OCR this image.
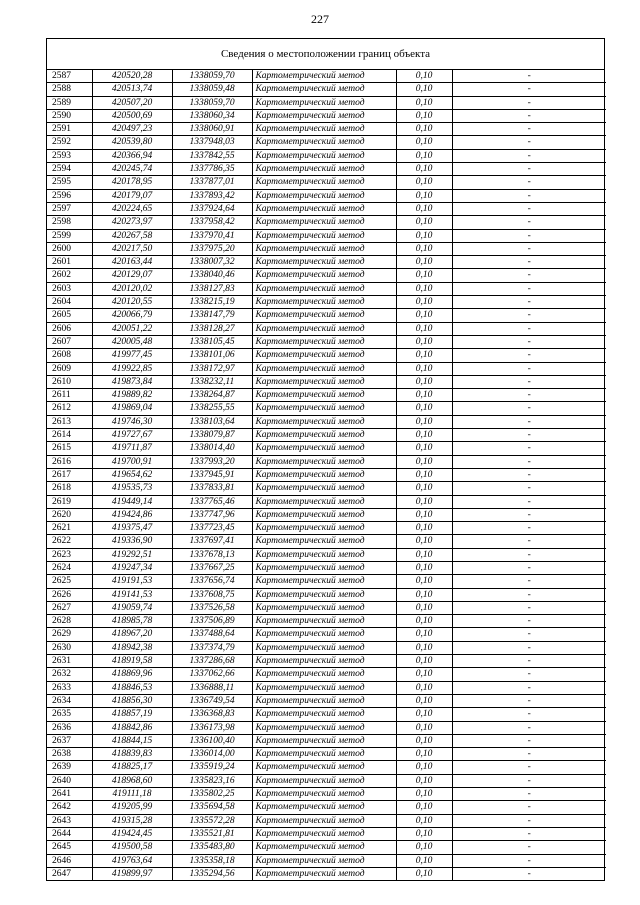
227
Сведения о местоположении границ объекта
2587	420520,28	1338059,70	Картометрический метод	0,10	-
2588	420513,74	1338059,48	Картометрический метод	0,10	-
2589	420507,20	1338059,70	Картометрический метод	0,10	-
2590	420500,69	1338060,34	Картометрический метод	0,10	-
2591	420497,23	1338060,91	Картометрический метод	0,10	-
2592	420539,80	1337948,03	Картометрический метод	0,10	-
2593	420366,94	1337842,55	Картометрический метод	0,10	-
2594	420245,74	1337786,35	Картометрический метод	0,10	-
2595	420178,95	1337877,01	Картометрический метод	0,10	-
2596	420179,07	1337893,42	Картометрический метод	0,10	-
2597	420224,65	1337924,64	Картометрический метод	0,10	-
2598	420273,97	1337958,42	Картометрический метод	0,10	-
2599	420267,58	1337970,41	Картометрический метод	0,10	-
2600	420217,50	1337975,20	Картометрический метод	0,10	-
2601	420163,44	1338007,32	Картометрический метод	0,10	-
2602	420129,07	1338040,46	Картометрический метод	0,10	-
2603	420120,02	1338127,83	Картометрический метод	0,10	-
2604	420120,55	1338215,19	Картометрический метод	0,10	-
2605	420066,79	1338147,79	Картометрический метод	0,10	-
2606	420051,22	1338128,27	Картометрический метод	0,10	-
2607	420005,48	1338105,45	Картометрический метод	0,10	-
2608	419977,45	1338101,06	Картометрический метод	0,10	-
2609	419922,85	1338172,97	Картометрический метод	0,10	-
2610	419873,84	1338232,11	Картометрический метод	0,10	-
2611	419889,82	1338264,87	Картометрический метод	0,10	-
2612	419869,04	1338255,55	Картометрический метод	0,10	-
2613	419746,30	1338103,64	Картометрический метод	0,10	-
2614	419727,67	1338079,87	Картометрический метод	0,10	-
2615	419711,87	1338014,40	Картометрический метод	0,10	-
2616	419700,91	1337993,20	Картометрический метод	0,10	-
2617	419654,62	1337945,91	Картометрический метод	0,10	-
2618	419535,73	1337833,81	Картометрический метод	0,10	-
2619	419449,14	1337765,46	Картометрический метод	0,10	-
2620	419424,86	1337747,96	Картометрический метод	0,10	-
2621	419375,47	1337723,45	Картометрический метод	0,10	-
2622	419336,90	1337697,41	Картометрический метод	0,10	-
2623	419292,51	1337678,13	Картометрический метод	0,10	-
2624	419247,34	1337667,25	Картометрический метод	0,10	-
2625	419191,53	1337656,74	Картометрический метод	0,10	-
2626	419141,53	1337608,75	Картометрический метод	0,10	-
2627	419059,74	1337526,58	Картометрический метод	0,10	-
2628	418985,78	1337506,89	Картометрический метод	0,10	-
2629	418967,20	1337488,64	Картометрический метод	0,10	-
2630	418942,38	1337374,79	Картометрический метод	0,10	-
2631	418919,58	1337286,68	Картометрический метод	0,10	-
2632	418869,96	1337062,66	Картометрический метод	0,10	-
2633	418846,53	1336888,11	Картометрический метод	0,10	-
2634	418856,30	1336749,54	Картометрический метод	0,10	-
2635	418857,19	1336368,83	Картометрический метод	0,10	-
2636	418842,86	1336173,98	Картометрический метод	0,10	-
2637	418844,15	1336100,40	Картометрический метод	0,10	-
2638	418839,83	1336014,00	Картометрический метод	0,10	-
2639	418825,17	1335919,24	Картометрический метод	0,10	-
2640	418968,60	1335823,16	Картометрический метод	0,10	-
2641	419111,18	1335802,25	Картометрический метод	0,10	-
2642	419205,99	1335694,58	Картометрический метод	0,10	-
2643	419315,28	1335572,28	Картометрический метод	0,10	-
2644	419424,45	1335521,81	Картометрический метод	0,10	-
2645	419500,58	1335483,80	Картометрический метод	0,10	-
2646	419763,64	1335358,18	Картометрический метод	0,10	-
2647	419899,97	1335294,56	Картометрический метод	0,10	-
